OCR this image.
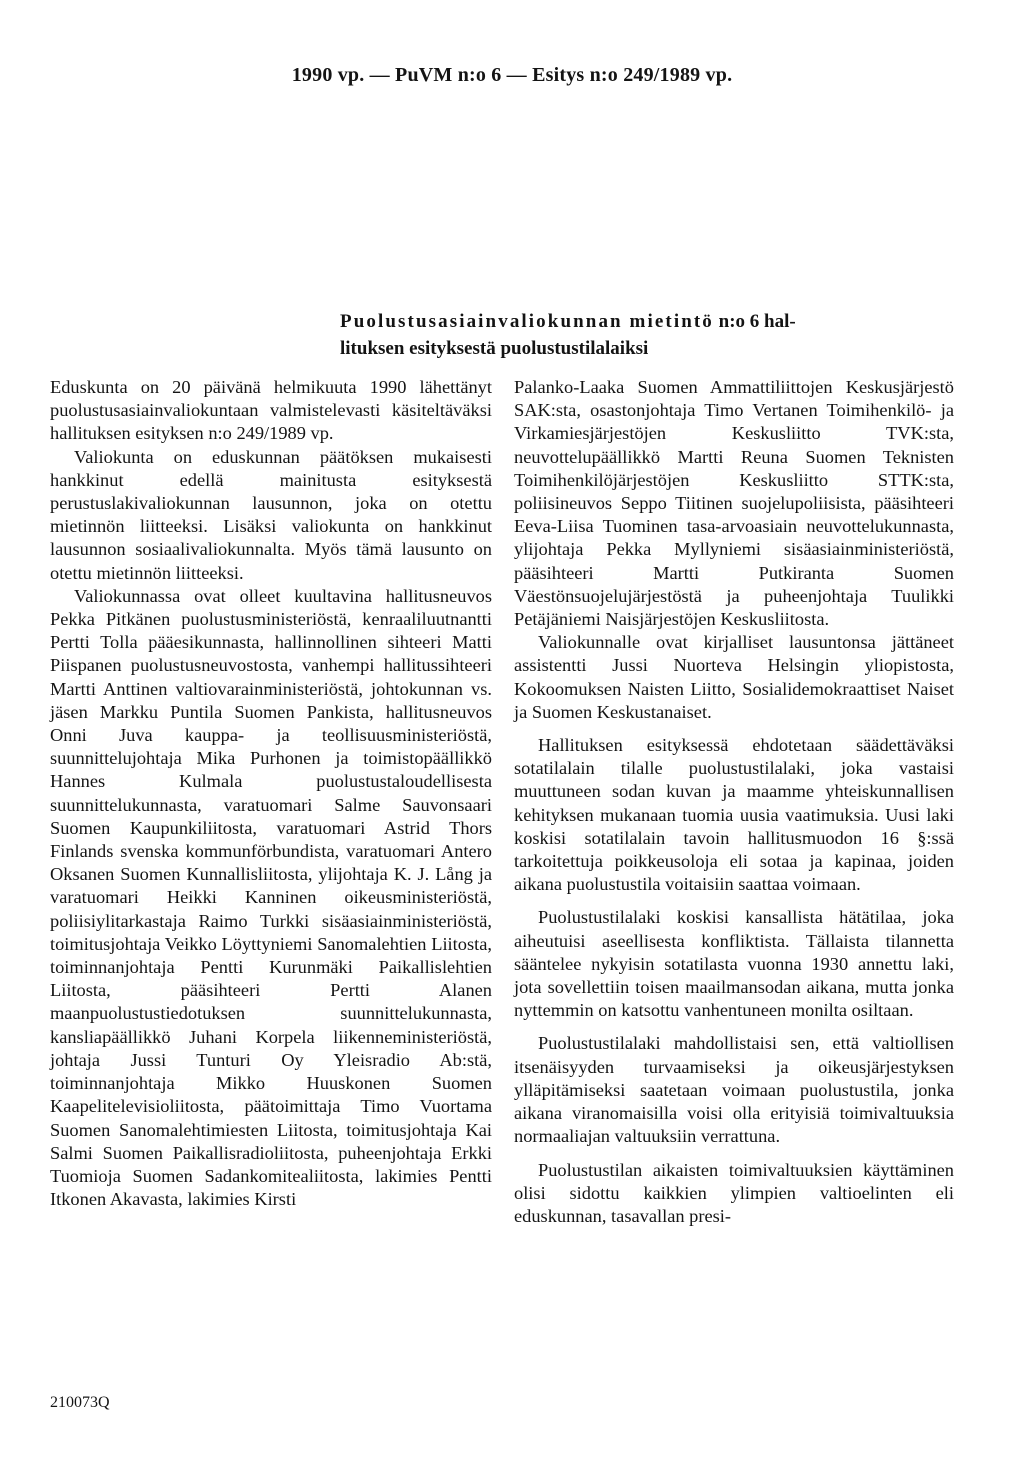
1990 vp. — PuVM n:o 6 — Esitys n:o 249/1989 vp.
Puolustusasiainvaliokunnan mietintö n:o 6 hal-
lituksen esityksestä puolustustilalaiksi

Eduskunta on 20 päivänä helmikuuta 1990 lähettänyt puolustusasiainvaliokuntaan valmistelevasti käsiteltäväksi hallituksen esityksen n:o 249/1989 vp.

Valiokunta on eduskunnan päätöksen mukaisesti hankkinut edellä mainitusta esityksestä perustuslakivaliokunnan lausunnon, joka on otettu mietinnön liitteeksi. Lisäksi valiokunta on hankkinut lausunnon sosiaalivaliokunnalta. Myös tämä lausunto on otettu mietinnön liitteeksi.

Valiokunnassa ovat olleet kuultavina hallitusneuvos Pekka Pitkänen puolustusministeriöstä, kenraaliluutnantti Pertti Tolla pääesikunnasta, hallinnollinen sihteeri Matti Piispanen puolustusneuvostosta, vanhempi hallitussihteeri Martti Anttinen valtiovarainministeriöstä, johtokunnan vs. jäsen Markku Puntila Suomen Pankista, hallitusneuvos Onni Juva kauppa- ja teollisuusministeriöstä, suunnittelujohtaja Mika Purhonen ja toimistopäällikkö Hannes Kulmala puolustustaloudellisesta suunnittelukunnasta, varatuomari Salme Sauvonsaari Suomen Kaupunkiliitosta, varatuomari Astrid Thors Finlands svenska kommunförbundista, varatuomari Antero Oksanen Suomen Kunnallisliitosta, ylijohtaja K. J. Lång ja varatuomari Heikki Kanninen oikeusministeriöstä, poliisiylitarkastaja Raimo Turkki sisäasiainministeriöstä, toimitusjohtaja Veikko Löyttyniemi Sanomalehtien Liitosta, toiminnanjohtaja Pentti Kurunmäki Paikallislehtien Liitosta, pääsihteeri Pertti Alanen maanpuolustustiedotuksen suunnittelukunnasta, kansliapäällikkö Juhani Korpela liikenneministeriöstä, johtaja Jussi Tunturi Oy Yleisradio Ab:stä, toiminnanjohtaja Mikko Huuskonen Suomen Kaapelitelevisioliitosta, päätoimittaja Timo Vuortama Suomen Sanomalehtimiesten Liitosta, toimitusjohtaja Kai Salmi Suomen Paikallisradioliitosta, puheenjohtaja Erkki Tuomioja Suomen Sadankomitealiitosta, lakimies Pentti Itkonen Akavasta, lakimies Kirsti

Palanko-Laaka Suomen Ammattiliittojen Keskusjärjestö SAK:sta, osastonjohtaja Timo Vertanen Toimihenkilö- ja Virkamiesjärjestöjen Keskusliitto TVK:sta, neuvottelupäällikkö Martti Reuna Suomen Teknisten Toimihenkilöjärjestöjen Keskusliitto STTK:sta, poliisineuvos Seppo Tiitinen suojelupoliisista, pääsihteeri Eeva-Liisa Tuominen tasa-arvoasiain neuvottelukunnasta, ylijohtaja Pekka Myllyniemi sisäasiainministeriöstä, pääsihteeri Martti Putkiranta Suomen Väestönsuojelujärjestöstä ja puheenjohtaja Tuulikki Petäjäniemi Naisjärjestöjen Keskusliitosta.

Valiokunnalle ovat kirjalliset lausuntonsa jättäneet assistentti Jussi Nuorteva Helsingin yliopistosta, Kokoomuksen Naisten Liitto, Sosialidemokraattiset Naiset ja Suomen Keskustanaiset.

Hallituksen esityksessä ehdotetaan säädettäväksi sotatilalain tilalle puolustustilalaki, joka vastaisi muuttuneen sodan kuvan ja maamme yhteiskunnallisen kehityksen mukanaan tuomia uusia vaatimuksia. Uusi laki koskisi sotatilalain tavoin hallitusmuodon 16 §:ssä tarkoitettuja poikkeusoloja eli sotaa ja kapinaa, joiden aikana puolustustila voitaisiin saattaa voimaan.

Puolustustilalaki koskisi kansallista hätätilaa, joka aiheutuisi aseellisesta konfliktista. Tällaista tilannetta sääntelee nykyisin sotatilasta vuonna 1930 annettu laki, jota sovellettiin toisen maailmansodan aikana, mutta jonka nyttemmin on katsottu vanhentuneen monilta osiltaan.

Puolustustilalaki mahdollistaisi sen, että valtiollisen itsenäisyyden turvaamiseksi ja oikeusjärjestyksen ylläpitämiseksi saatetaan voimaan puolustustila, jonka aikana viranomaisilla voisi olla erityisiä toimivaltuuksia normaaliajan valtuuksiin verrattuna.

Puolustustilan aikaisten toimivaltuuksien käyttäminen olisi sidottu kaikkien ylimpien valtioelinten eli eduskunnan, tasavallan presi-

210073Q
